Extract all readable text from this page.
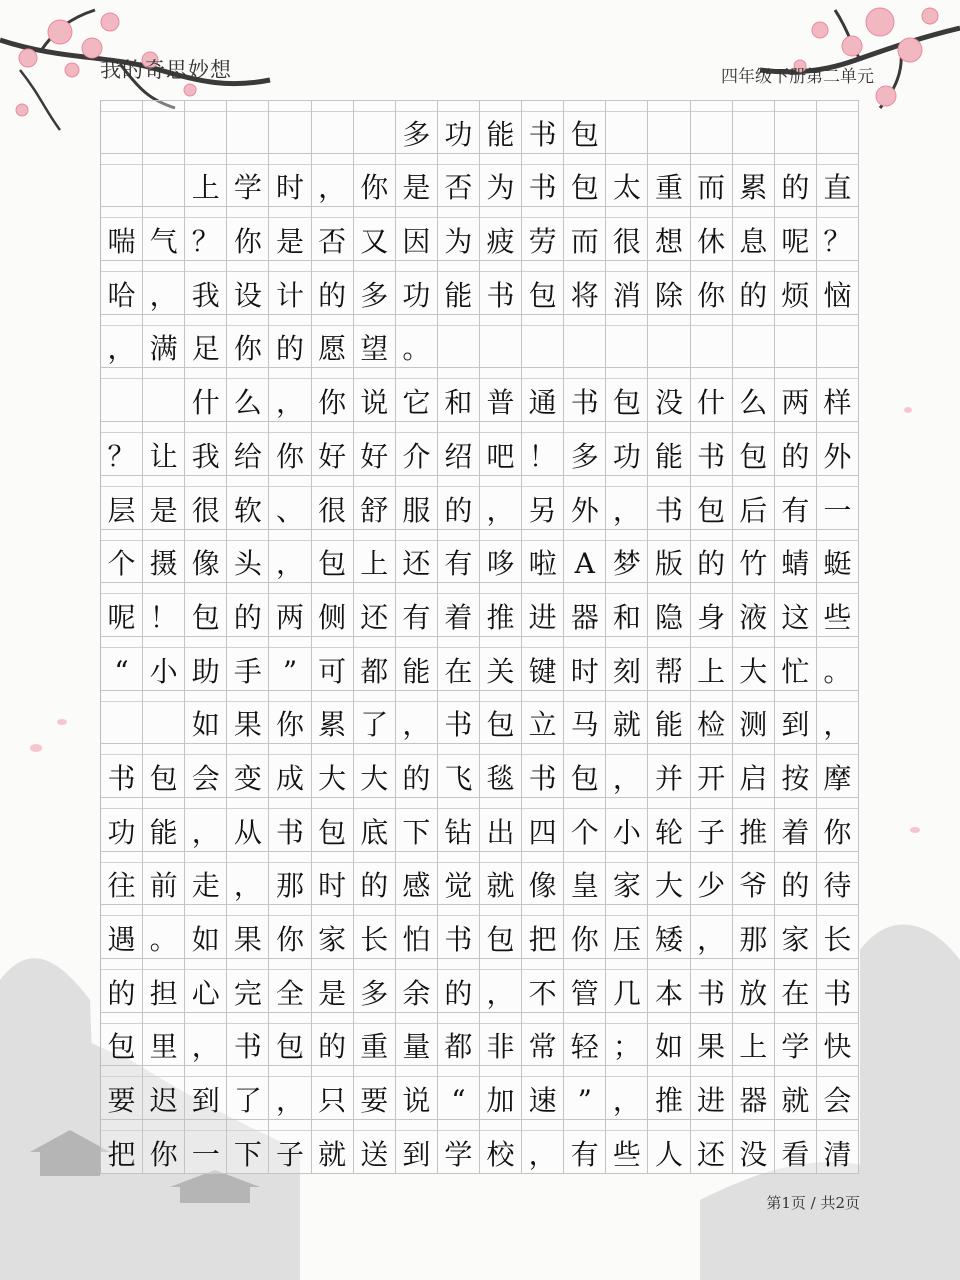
我的奇思妙想	四年级下册第二单元
多 功 能 书 包
上 学 时 ， 你 是 否 为 书 包 太 重 而 累 的 直
喘 气 ？ 你 是 否 又 因 为 疲 劳 而 很 想 休 息 呢 ？
哈 ， 我 设 计 的 多 功 能 书 包 将 消 除 你 的 烦 恼
， 满 足 你 的 愿 望 。
什 么 ， 你 说 它 和 普 通 书 包 没 什 么 两 样
？ 让 我 给 你 好 好 介 绍 吧 ！ 多 功 能 书 包 的 外
层 是 很 软 、 很 舒 服 的 ， 另 外 ， 书 包 后 有 一
个 摄 像 头 ， 包 上 还 有 哆 啦 A 梦 版 的 竹 蜻 蜓
呢 ！ 包 的 两 侧 还 有 着 推 进 器 和 隐 身 液 这 些
“ 小 助 手 ” 可 都 能 在 关 键 时 刻 帮 上 大 忙 。
如 果 你 累 了 ， 书 包 立 马 就 能 检 测 到 ，
书 包 会 变 成 大 大 的 飞 毯 书 包 ， 并 开 启 按 摩
功 能 ， 从 书 包 底 下 钻 出 四 个 小 轮 子 推 着 你
往 前 走 ， 那 时 的 感 觉 就 像 皇 家 大 少 爷 的 待
遇 。 如 果 你 家 长 怕 书 包 把 你 压 矮 ， 那 家 长
的 担 心 完 全 是 多 余 的 ， 不 管 几 本 书 放 在 书
包 里 ， 书 包 的 重 量 都 非 常 轻 ； 如 果 上 学 快
要 迟 到 了 ， 只 要 说 “ 加 速 ” ， 推 进 器 就 会
把 你 一 下 子 就 送 到 学 校 ， 有 些 人 还 没 看 清
第1页 / 共2页
